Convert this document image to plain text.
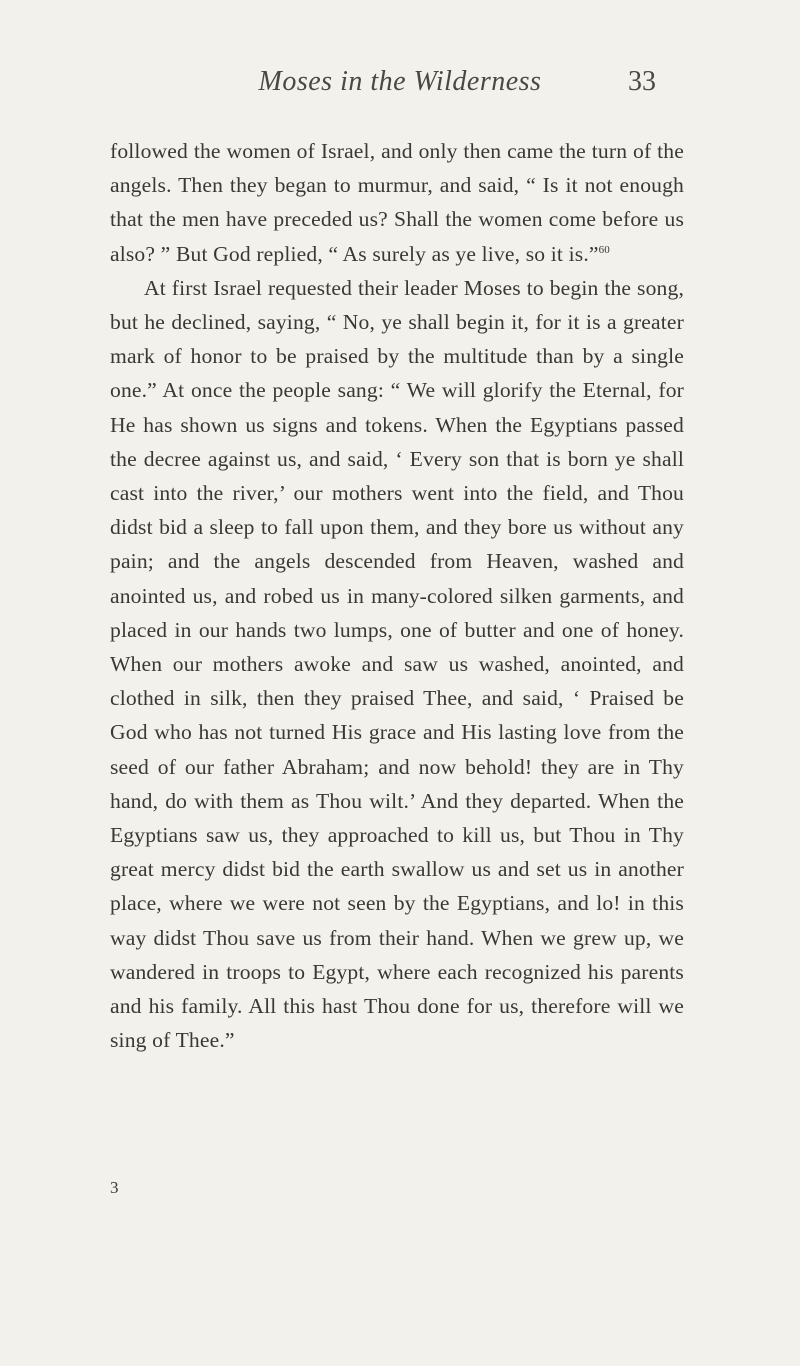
Moses in the Wilderness	33

followed the women of Israel, and only then came the turn of the angels. Then they began to murmur, and said, “ Is it not enough that the men have preceded us? Shall the women come before us also? ” But God replied, “ As surely as ye live, so it is.”$^{60}$

At first Israel requested their leader Moses to begin the song, but he declined, saying, “ No, ye shall begin it, for it is a greater mark of honor to be praised by the multitude than by a single one.” At once the people sang: “ We will glorify the Eternal, for He has shown us signs and tokens. When the Egyptians passed the decree against us, and said, ‘ Every son that is born ye shall cast into the river,’ our mothers went into the field, and Thou didst bid a sleep to fall upon them, and they bore us without any pain; and the angels descended from Heaven, washed and anointed us, and robed us in many-colored silken garments, and placed in our hands two lumps, one of butter and one of honey. When our mothers awoke and saw us washed, anointed, and clothed in silk, then they praised Thee, and said, ‘ Praised be God who has not turned His grace and His lasting love from the seed of our father Abraham; and now behold! they are in Thy hand, do with them as Thou wilt.’ And they departed. When the Egyptians saw us, they approached to kill us, but Thou in Thy great mercy didst bid the earth swallow us and set us in another place, where we were not seen by the Egyptians, and lo! in this way didst Thou save us from their hand. When we grew up, we wandered in troops to Egypt, where each recognized his parents and his family. All this hast Thou done for us, therefore will we sing of Thee.”

3
